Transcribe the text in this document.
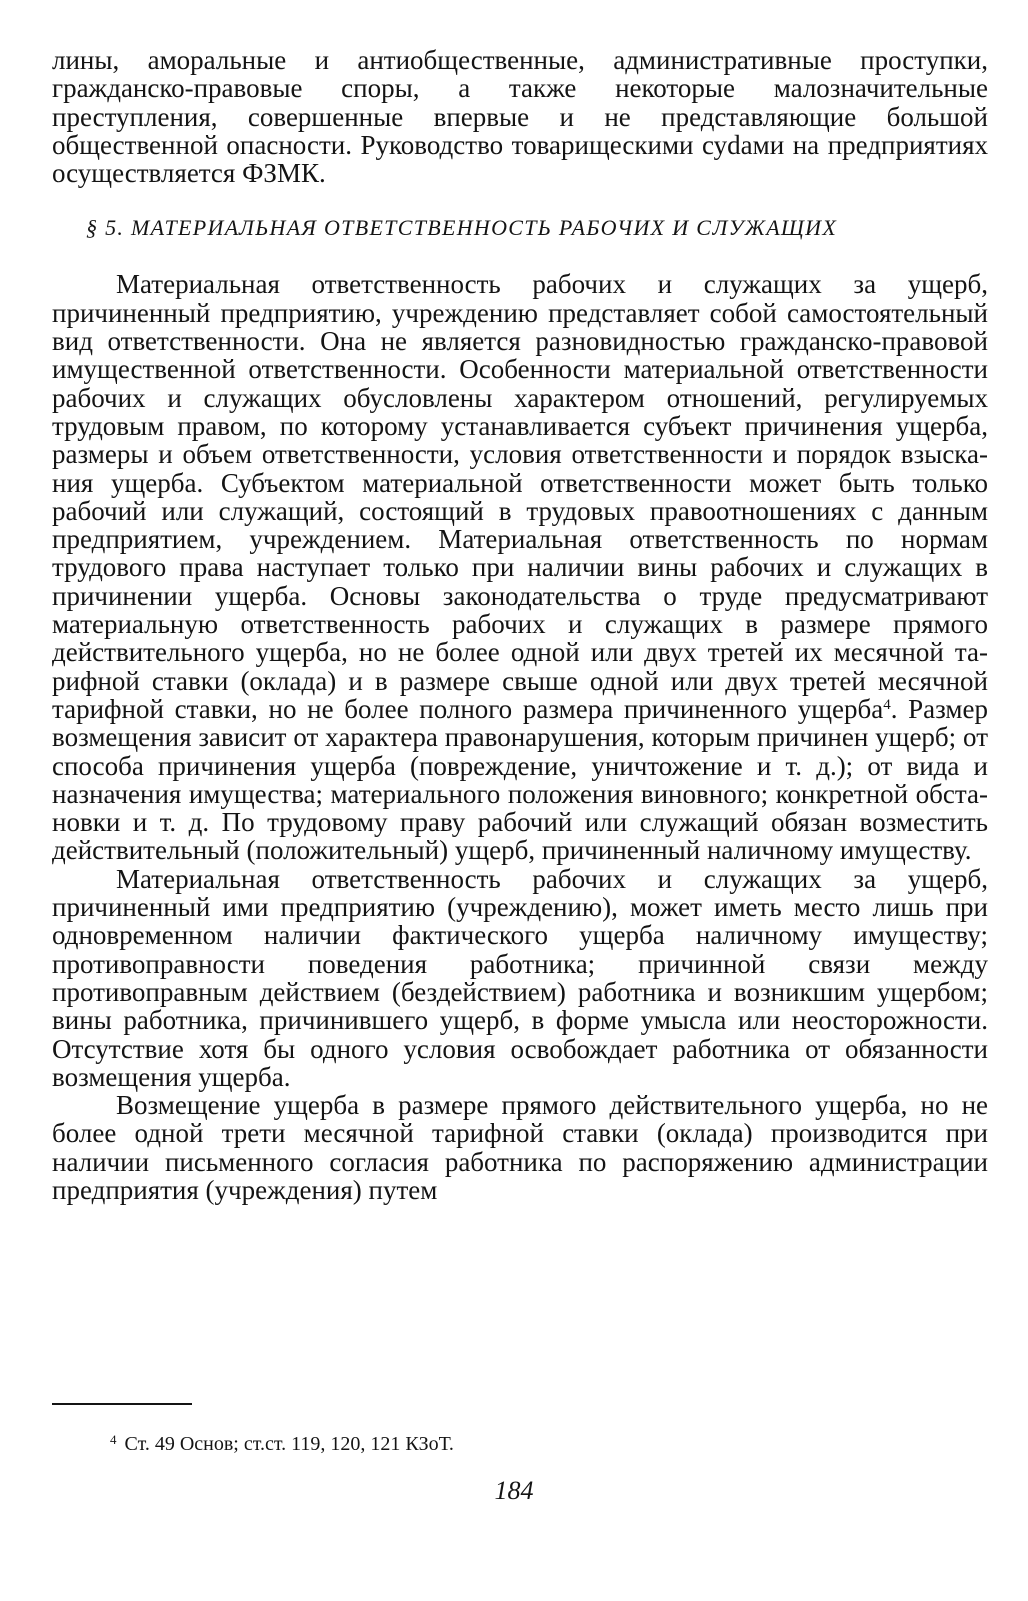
лины, аморальные и антиобщественные, административные проступки, гражданско-правовые споры, а также некоторые малозначительные преступления, совершенные впервые и не представляющие большой общественной опасности. Руководство товарищескими суdами на предприятиях осуществляется ФЗМК.

§ 5. МАТЕРИАЛЬНАЯ ОТВЕТСТВЕННОСТЬ РАБОЧИХ И СЛУЖАЩИХ

Материальная ответственность рабочих и служащих за ущерб, причиненный предприятию, учреждению представляет собой самостоятельный вид ответственности. Она не является разновидностью гражданско-правовой имущественной ответственности. Особенности материальной ответственности рабочих и служащих обусловлены характером отношений, регулируемых трудовым правом, по которому устанавливается субъект причинения ущерба, размеры и объем ответственности, условия ответственности и порядок взыскания ущерба. Субъектом материальной ответственности может быть только рабочий или служащий, состоящий в трудовых правоотношениях с данным предприятием, учреждением. Материальная ответственность по нормам трудового права наступает только при наличии вины рабочих и служащих в причинении ущерба. Основы законодательства о труде предусматривают материальную ответственность рабочих и служащих в размере прямого действительного ущерба, но не более одной или двух третей их месячной тарифной ставки (оклада) и в размере свыше одной или двух третей месячной тарифной ставки, но не более полного размера причиненного ущерба$^4$. Размер возмещения зависит от характера правонарушения, которым причинен ущерб; от способа причинения ущерба (повреждение, уничтожение и т. д.); от вида и назначения имущества; материального положения виновного; конкретной обстановки и т. д. По трудовому праву рабочий или служащий обязан возместить действительный (положительный) ущерб, причиненный наличному имуществу.

Материальная ответственность рабочих и служащих за ущерб, причиненный ими предприятию (учреждению), может иметь место лишь при одновременном наличии фактического ущерба наличному имуществу; противоправности поведения работника; причинной связи между противоправным действием (бездействием) работника и возникшим ущербом; вины работника, причинившего ущерб, в форме умысла или неосторожности. Отсутствие хотя бы одного условия освобождает работника от обязанности возмещения ущерба.

Возмещение ущерба в размере прямого действительного ущерба, но не более одной трети месячной тарифной ставки (оклада) производится при наличии письменного согласия работника по распоряжению администрации предприятия (учреждения) путем

$^4$ Ст. 49 Основ; ст.ст. 119, 120, 121 КЗоТ.
184
